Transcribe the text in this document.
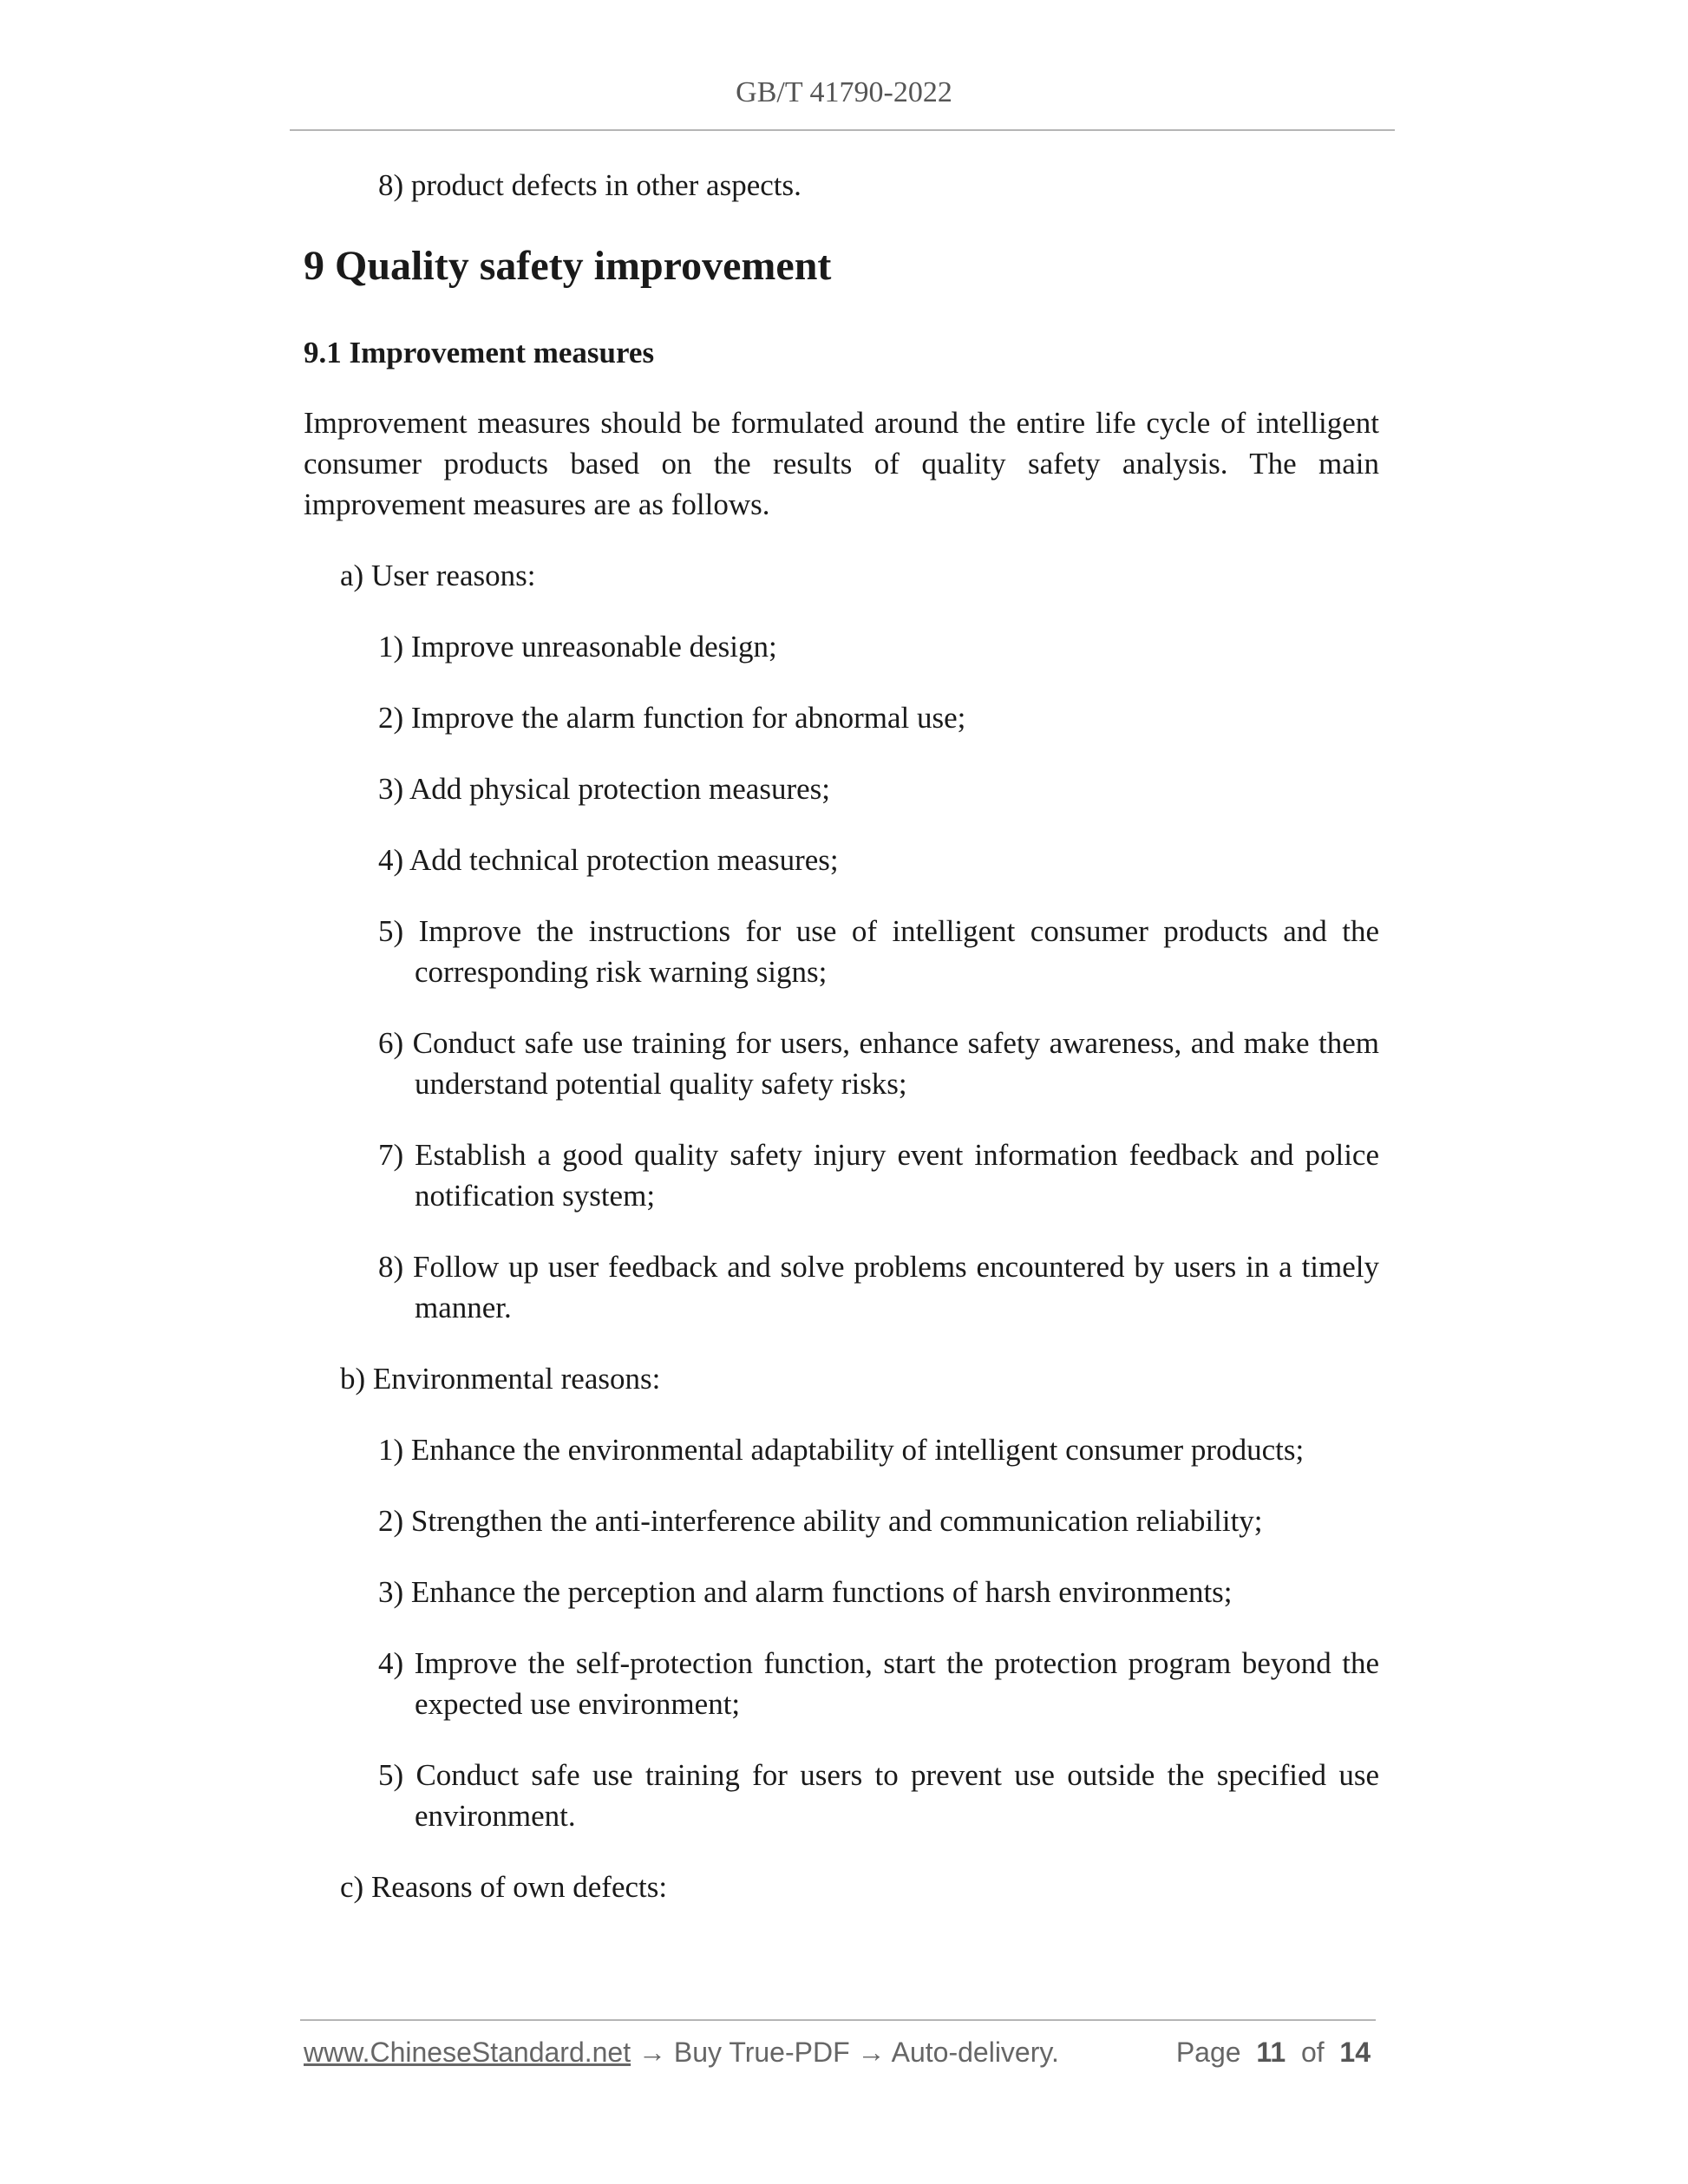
GB/T 41790-2022

8) product defects in other aspects.

9 Quality safety improvement
9.1 Improvement measures

Improvement measures should be formulated around the entire life cycle of intelligent consumer products based on the results of quality safety analysis. The main improvement measures are as follows.

a) User reasons:

1) Improve unreasonable design;

2) Improve the alarm function for abnormal use;

3) Add physical protection measures;

4) Add technical protection measures;

5) Improve the instructions for use of intelligent consumer products and the corresponding risk warning signs;

6) Conduct safe use training for users, enhance safety awareness, and make them understand potential quality safety risks;

7) Establish a good quality safety injury event information feedback and police notification system;

8) Follow up user feedback and solve problems encountered by users in a timely manner.

b) Environmental reasons:

1) Enhance the environmental adaptability of intelligent consumer products;

2) Strengthen the anti-interference ability and communication reliability;

3) Enhance the perception and alarm functions of harsh environments;

4) Improve the self-protection function, start the protection program beyond the expected use environment;

5) Conduct safe use training for users to prevent use outside the specified use environment.

c) Reasons of own defects:

www.ChineseStandard.net → Buy True-PDF → Auto-delivery.	Page 11 of 14
